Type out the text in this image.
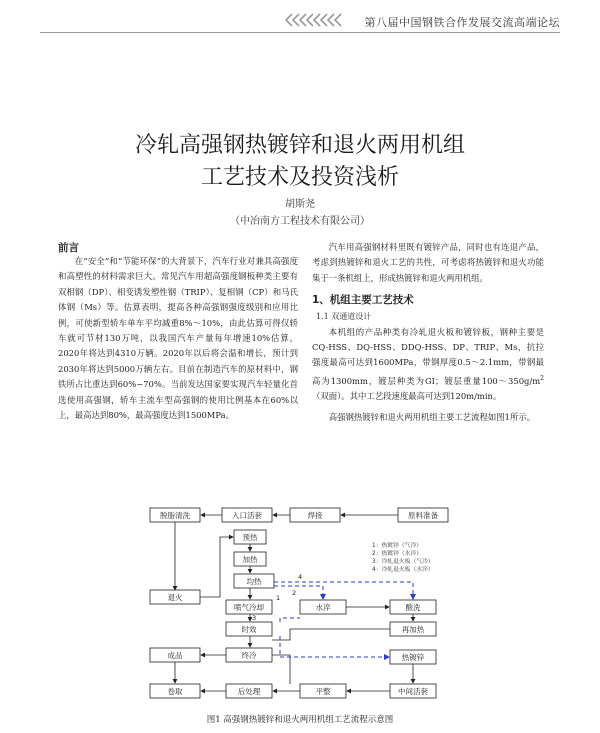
第八届中国钢铁合作发展交流高端论坛
冷轧高强钢热镀锌和退火两用机组
工艺技术及投资浅析
胡斯尧
（中冶南方工程技术有限公司）
前言

在“安全”和“节能环保”的大背景下，汽车行业对兼具高强度和高塑性的材料需求巨大。常见汽车用超高强度钢板种类主要有双相钢（DP）、相变诱发塑性钢（TRIP）、复相钢（CP）和马氏体钢（Ms）等。估算表明，提高各种高强钢强度级别和应用比例，可使新型轿车单车平均减重8%～10%，由此估算可得仅轿车就可节材130万吨，以我国汽车产量每年增速10%估算，2020年将达到4310万辆。2020年以后将会温和增长，预计到2030年将达到5000万辆左右。目前在制造汽车的原材料中，钢铁所占比重达到60%~70%。当前发达国家要实现汽车轻量化首选使用高强钢，轿车主流车型高强钢的使用比例基本在60%以上，最高达到80%，最高强度达到1500MPa。

汽车用高强钢材料里既有镀锌产品，同时也有连退产品，考虑到热镀锌和退火工艺的共性，可考虑将热镀锌和退火功能集于一条机组上，形成热镀锌和退火两用机组。

1、机组主要工艺技术

1.1 双通道设计

本机组的产品种类有冷轧退火板和镀锌板，钢种主要是CQ-HSS、DQ-HSS、DDQ-HSS、DP、TRIP、Ms，抗拉强度最高可达到1600MPa，带钢厚度0.5～2.1mm，带钢最高为1300mm，镀层种类为GI；镀层重量$100\sim 350g/m^2$（双面）。其中工艺段速度最高可达到120m/min。

高强钢热镀锌和退火两用机组主要工艺流程如图1所示。

脱脂清洗	入口活套	焊接	原料准备
预热
加热
均热
喷气冷却
时效
终冷
退火
成品
卷取
水淬	酸洗
再加热
热镀锌
后处理	平整	中间活套
4
2
1
3
1：热镀锌（气冷）
2：热镀锌（水淬）
3：冷轧退火板（气冷）
4：冷轧退火板（水淬）
图1 高强钢热镀锌和退火两用机组工艺流程示意图
